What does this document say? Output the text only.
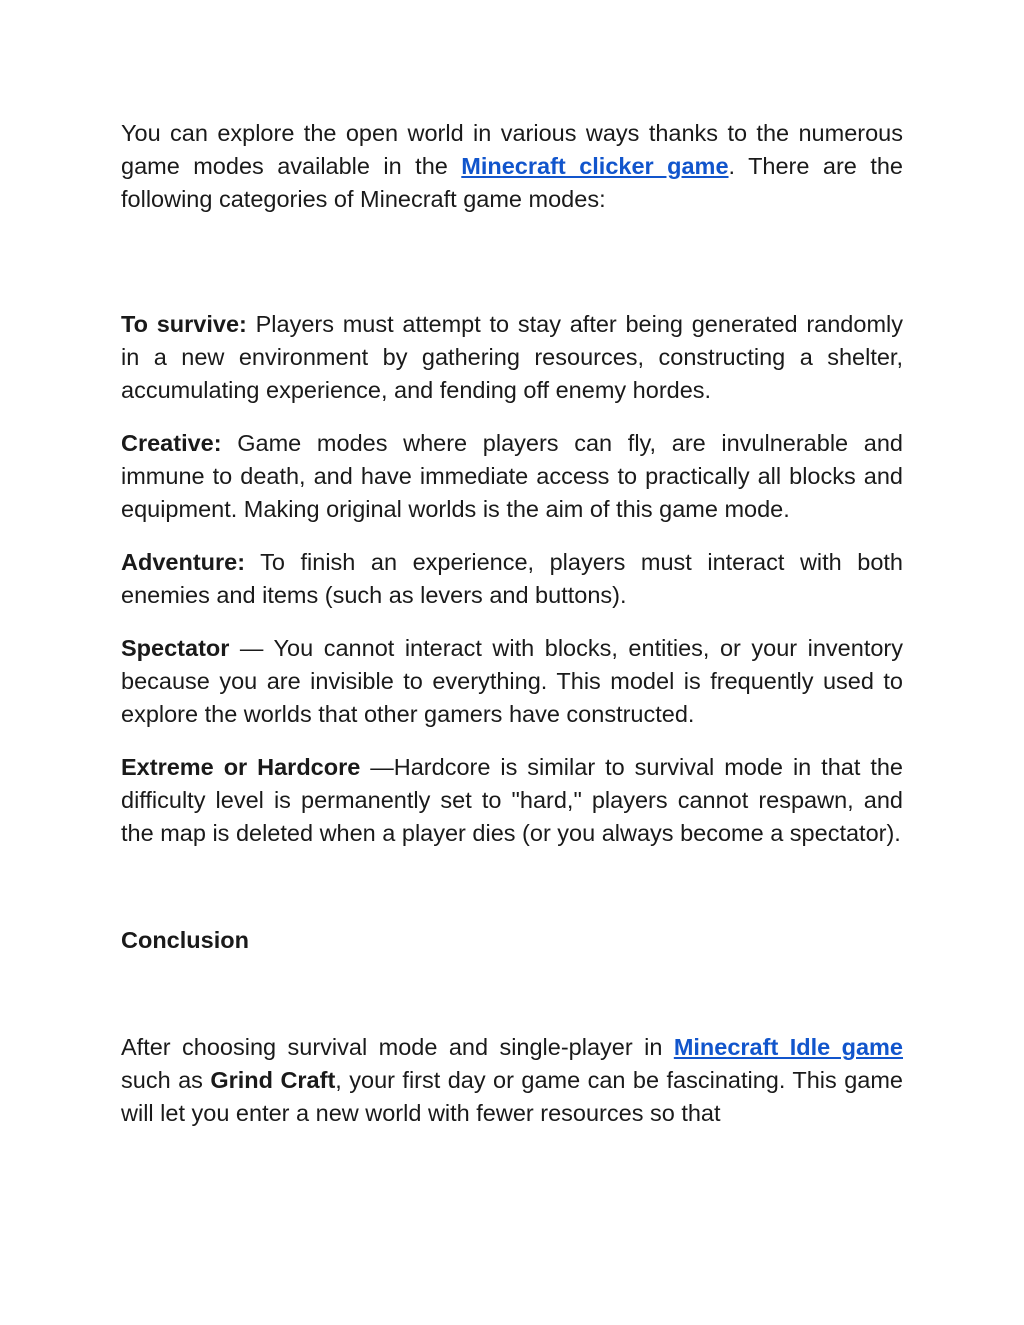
You can explore the open world in various ways thanks to the numerous game modes available in the Minecraft clicker game. There are the following categories of Minecraft game modes:

To survive: Players must attempt to stay after being generated randomly in a new environment by gathering resources, constructing a shelter, accumulating experience, and fending off enemy hordes.

Creative: Game modes where players can fly, are invulnerable and immune to death, and have immediate access to practically all blocks and equipment. Making original worlds is the aim of this game mode.

Adventure: To finish an experience, players must interact with both enemies and items (such as levers and buttons).

Spectator — You cannot interact with blocks, entities, or your inventory because you are invisible to everything. This model is frequently used to explore the worlds that other gamers have constructed.

Extreme or Hardcore —Hardcore is similar to survival mode in that the difficulty level is permanently set to "hard," players cannot respawn, and the map is deleted when a player dies (or you always become a spectator).

Conclusion

After choosing survival mode and single-player in Minecraft Idle game such as Grind Craft, your first day or game can be fascinating. This game will let you enter a new world with fewer resources so that
